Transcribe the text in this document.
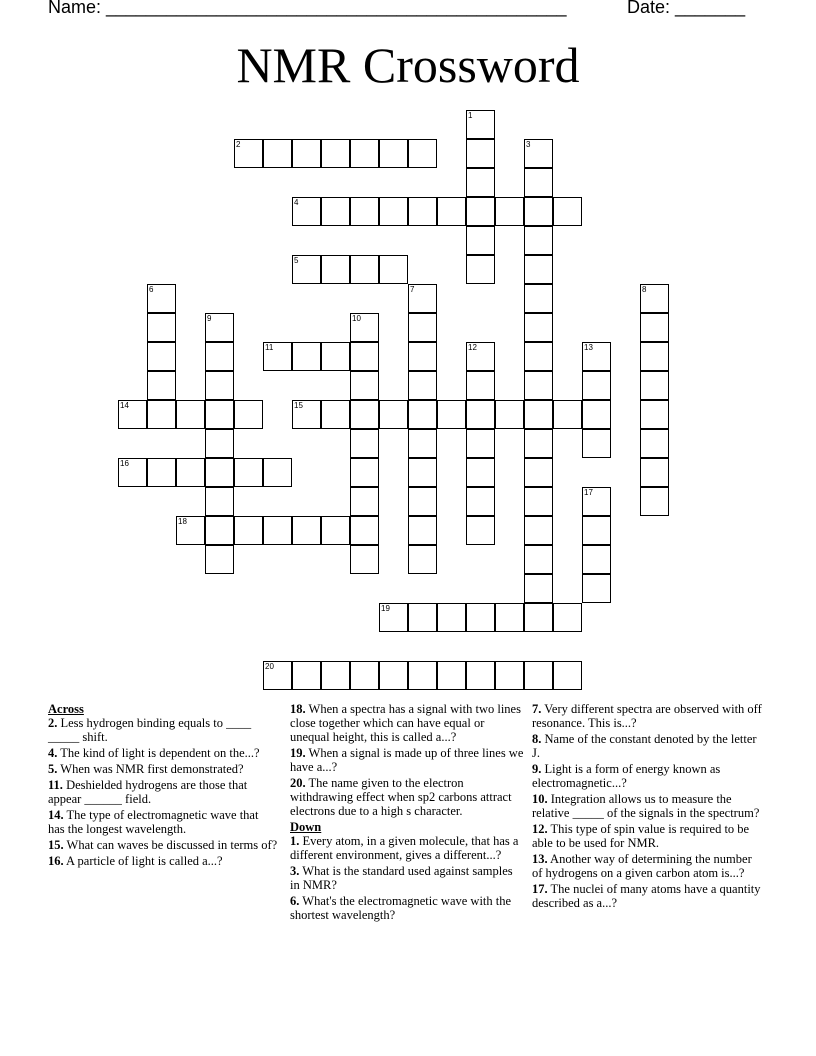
Name: ______________________________________________	Date: _______
NMR Crossword
1
2	3
4
5
6	7	8
9	10
11	12	13
14	15
16
17
18
19
20
Across
2. Less hydrogen binding equals to ____ _____ shift.
4. The kind of light is dependent on the...?
5. When was NMR first demonstrated?
11. Deshielded hydrogens are those that appear ______ field.
14. The type of electromagnetic wave that has the longest wavelength.
15. What can waves be discussed in terms of?
16. A particle of light is called a...?
18. When a spectra has a signal with two lines close together which can have equal or unequal height, this is called a...?
19. When a signal is made up of three lines we have a...?
20. The name given to the electron withdrawing effect when sp2 carbons attract electrons due to a high s character.
Down
1. Every atom, in a given molecule, that has a different environment, gives a different...?
3. What is the standard used against samples in NMR?
6. What's the electromagnetic wave with the shortest wavelength?
7. Very different spectra are observed with off resonance. This is...?
8. Name of the constant denoted by the letter J.
9. Light is a form of energy known as electromagnetic...?
10. Integration allows us to measure the relative _____ of the signals in the spectrum?
12. This type of spin value is required to be able to be used for NMR.
13. Another way of determining the number of hydrogens on a given carbon atom is...?
17. The nuclei of many atoms have a quantity described as a...?
